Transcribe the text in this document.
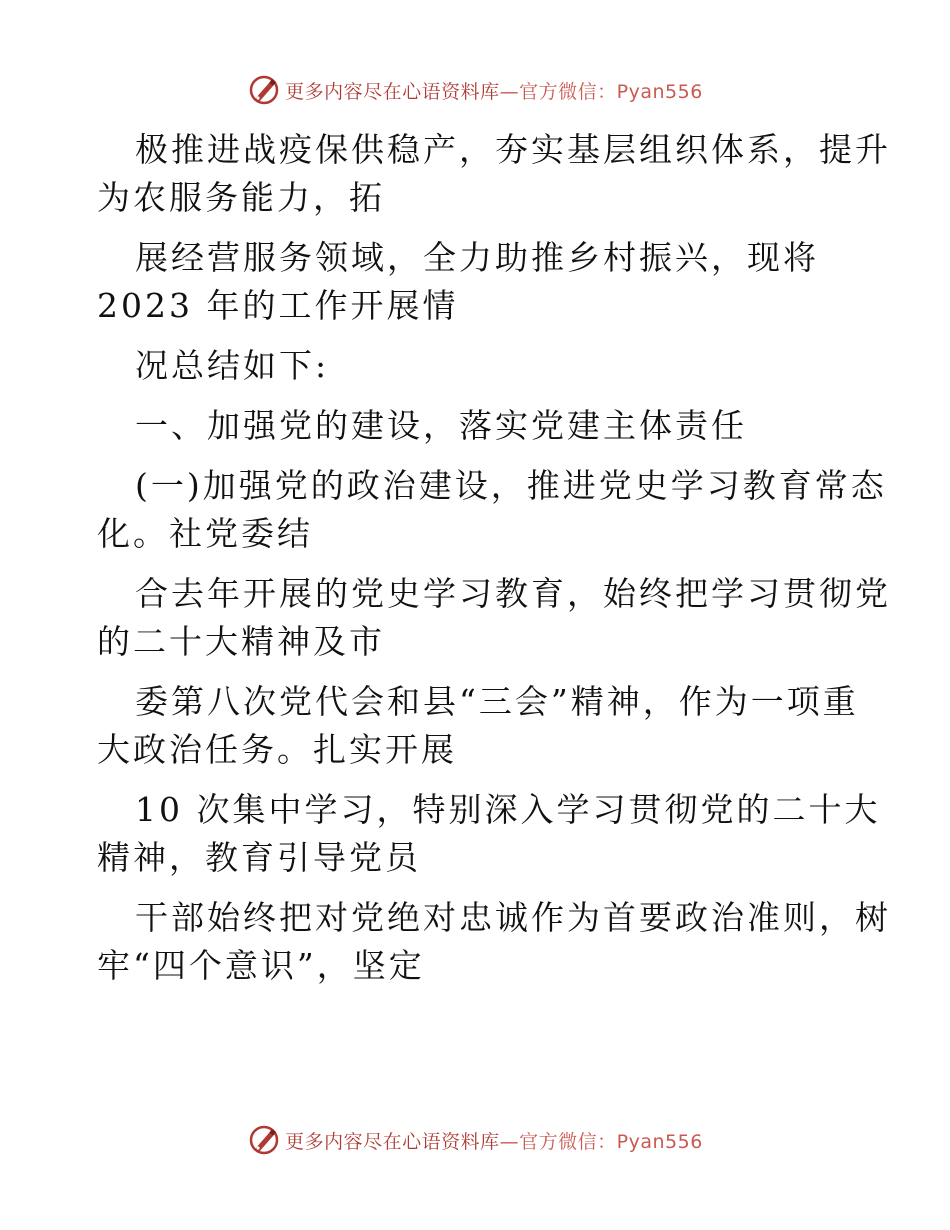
更多内容尽在心语资料库—官方微信：Pyan556
极推进战疫保供稳产，夯实基层组织体系，提升
为农服务能力，拓
展经营服务领域，全力助推乡村振兴，现将
2023 年的工作开展情
况总结如下:
一、加强党的建设，落实党建主体责任
(一)加强党的政治建设，推进党史学习教育常态
化。社党委结
合去年开展的党史学习教育，始终把学习贯彻党
的二十大精神及市
委第八次党代会和县“三会”精神，作为一项重
大政治任务。扎实开展
10 次集中学习，特别深入学习贯彻党的二十大
精神，教育引导党员
干部始终把对党绝对忠诚作为首要政治准则，树
牢“四个意识”，坚定
更多内容尽在心语资料库—官方微信：Pyan556
